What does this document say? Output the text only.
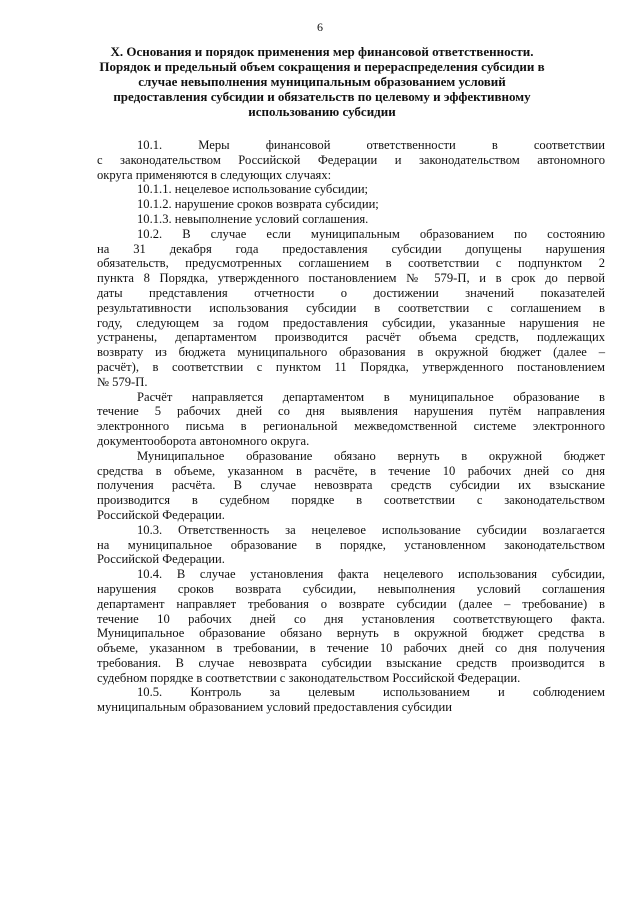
6
X. Основания и порядок применения мер финансовой ответственности.
Порядок и предельный объем сокращения и перераспределения субсидии в
случае невыполнения муниципальным образованием условий
предоставления субсидии и обязательств по целевому и эффективному
использованию субсидии
10.1. Меры финансовой ответственности в соответствии
с законодательством Российской Федерации и законодательством автономного
округа применяются в следующих случаях:
10.1.1. нецелевое использование субсидии;
10.1.2. нарушение сроков возврата субсидии;
10.1.3. невыполнение условий соглашения.
10.2. В случае если муниципальным образованием по состоянию
на 31 декабря года предоставления субсидии допущены нарушения
обязательств, предусмотренных соглашением в соответствии с подпунктом 2
пункта 8 Порядка, утвержденного постановлением № 579-П, и в срок до первой
даты представления отчетности о достижении значений показателей
результативности использования субсидии в соответствии с соглашением в
году, следующем за годом предоставления субсидии, указанные нарушения не
устранены, департаментом производится расчёт объема средств, подлежащих
возврату из бюджета муниципального образования в окружной бюджет (далее –
расчёт), в соответствии с пунктом 11 Порядка, утвержденного постановлением
№ 579-П.
Расчёт направляется департаментом в муниципальное образование в
течение 5 рабочих дней со дня выявления нарушения путём направления
электронного письма в региональной межведомственной системе электронного
документооборота автономного округа.
Муниципальное образование обязано вернуть в окружной бюджет
средства в объеме, указанном в расчёте, в течение 10 рабочих дней со дня
получения расчёта. В случае невозврата средств субсидии их взыскание
производится в судебном порядке в соответствии с законодательством
Российской Федерации.
10.3. Ответственность за нецелевое использование субсидии возлагается
на муниципальное образование в порядке, установленном законодательством
Российской Федерации.
10.4. В случае установления факта нецелевого использования субсидии,
нарушения сроков возврата субсидии, невыполнения условий соглашения
департамент направляет требования о возврате субсидии (далее – требование) в
течение 10 рабочих дней со дня установления соответствующего факта.
Муниципальное образование обязано вернуть в окружной бюджет средства в
объеме, указанном в требовании, в течение 10 рабочих дней со дня получения
требования. В случае невозврата субсидии взыскание средств производится в
судебном порядке в соответствии с законодательством Российской Федерации.
10.5. Контроль за целевым использованием и соблюдением
муниципальным образованием условий предоставления субсидии
